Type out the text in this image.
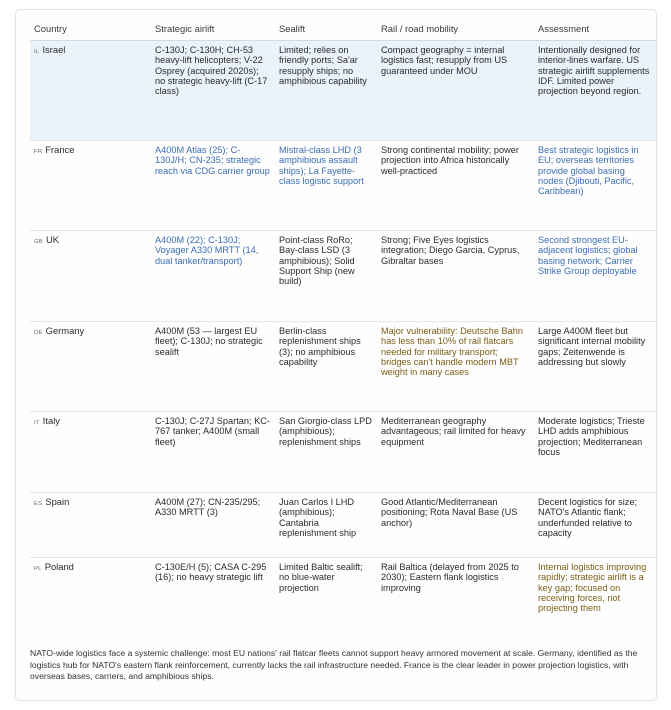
Country	Strategic airlift	Sealift	Rail / road mobility	Assessment
IL Israel	C-130J; C-130H; CH-53 heavy-lift helicopters; V-22 Osprey (acquired 2020s); no strategic heavy-lift (C-17 class)	Limited; relies on friendly ports; Sa'ar resupply ships; no amphibious capability	Compact geography = internal logistics fast; resupply from US guaranteed under MOU	Intentionally designed for interior-lines warfare. US strategic airlift supplements IDF. Limited power projection beyond region.
FR France	A400M Atlas (25); C-130J/H; CN-235; strategic reach via CDG carrier group	Mistral-class LHD (3 amphibious assault ships); La Fayette-class logistic support	Strong continental mobility; power projection into Africa historically well-practiced	Best strategic logistics in EU; overseas territories provide global basing nodes (Djibouti, Pacific, Caribbean)
GB UK	A400M (22); C-130J; Voyager A330 MRTT (14, dual tanker/transport)	Point-class RoRo; Bay-class LSD (3 amphibious); Solid Support Ship (new build)	Strong; Five Eyes logistics integration; Diego Garcia, Cyprus, Gibraltar bases	Second strongest EU-adjacent logistics; global basing network; Carrier Strike Group deployable
DE Germany	A400M (53 — largest EU fleet); C-130J; no strategic sealift	Berlin-class replenishment ships (3); no amphibious capability	Major vulnerability: Deutsche Bahn has less than 10% of rail flatcars needed for military transport; bridges can't handle modern MBT weight in many cases	Large A400M fleet but significant internal mobility gaps; Zeitenwende is addressing but slowly
IT Italy	C-130J; C-27J Spartan; KC-767 tanker; A400M (small fleet)	San Giorgio-class LPD (amphibious); replenishment ships	Mediterranean geography advantageous; rail limited for heavy equipment	Moderate logistics; Trieste LHD adds amphibious projection; Mediterranean focus
ES Spain	A400M (27); CN-235/295; A330 MRTT (3)	Juan Carlos I LHD (amphibious); Cantabria replenishment ship	Good Atlantic/Mediterranean positioning; Rota Naval Base (US anchor)	Decent logistics for size; NATO's Atlantic flank; underfunded relative to capacity
PL Poland	C-130E/H (5); CASA C-295 (16); no heavy strategic lift	Limited Baltic sealift; no blue-water projection	Rail Baltica (delayed from 2025 to 2030); Eastern flank logistics improving	Internal logistics improving rapidly; strategic airlift is a key gap; focused on receiving forces, not projecting them

NATO-wide logistics face a systemic challenge: most EU nations' rail flatcar fleets cannot support heavy armored movement at scale. Germany, identified as the logistics hub for NATO's eastern flank reinforcement, currently lacks the rail infrastructure needed. France is the clear leader in power projection logistics, with overseas bases, carriers, and amphibious ships.
